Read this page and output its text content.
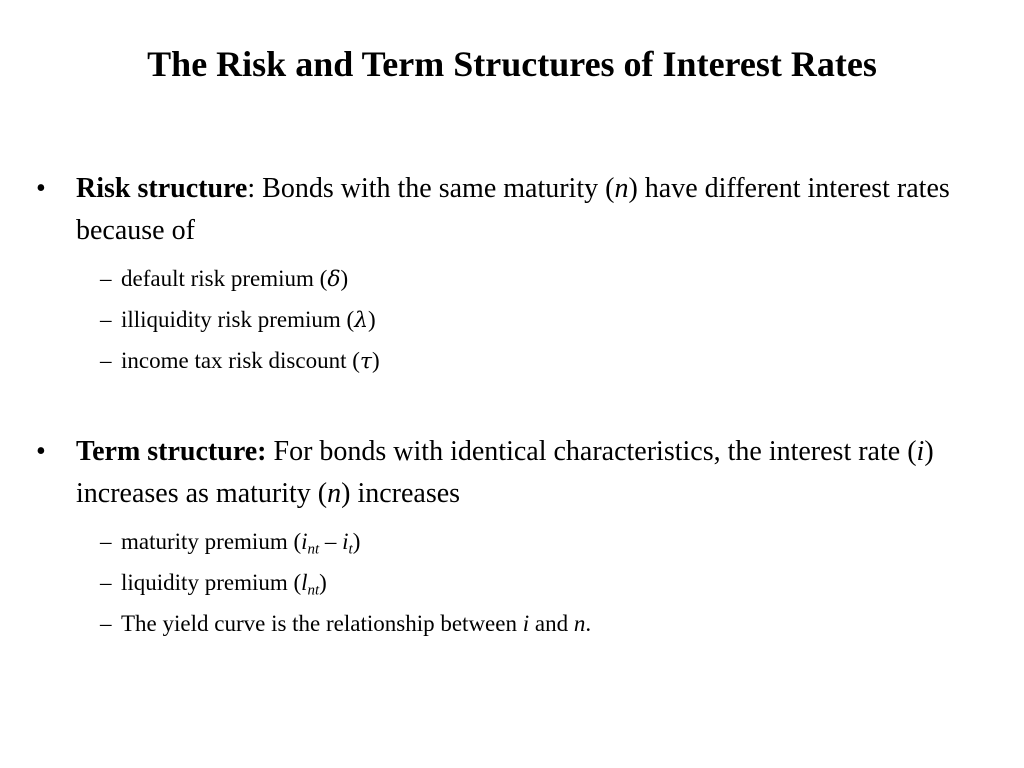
The Risk and Term Structures of Interest Rates
• Risk structure: Bonds with the same maturity (n) have different interest rates because of
– default risk premium (δ)
– illiquidity risk premium (λ)
– income tax risk discount (τ)
• Term structure: For bonds with identical characteristics, the interest rate (i) increases as maturity (n) increases
– maturity premium $(i_{nt} - i_t)$
– liquidity premium $(l_{nt})$
– The yield curve is the relationship between i and n.
